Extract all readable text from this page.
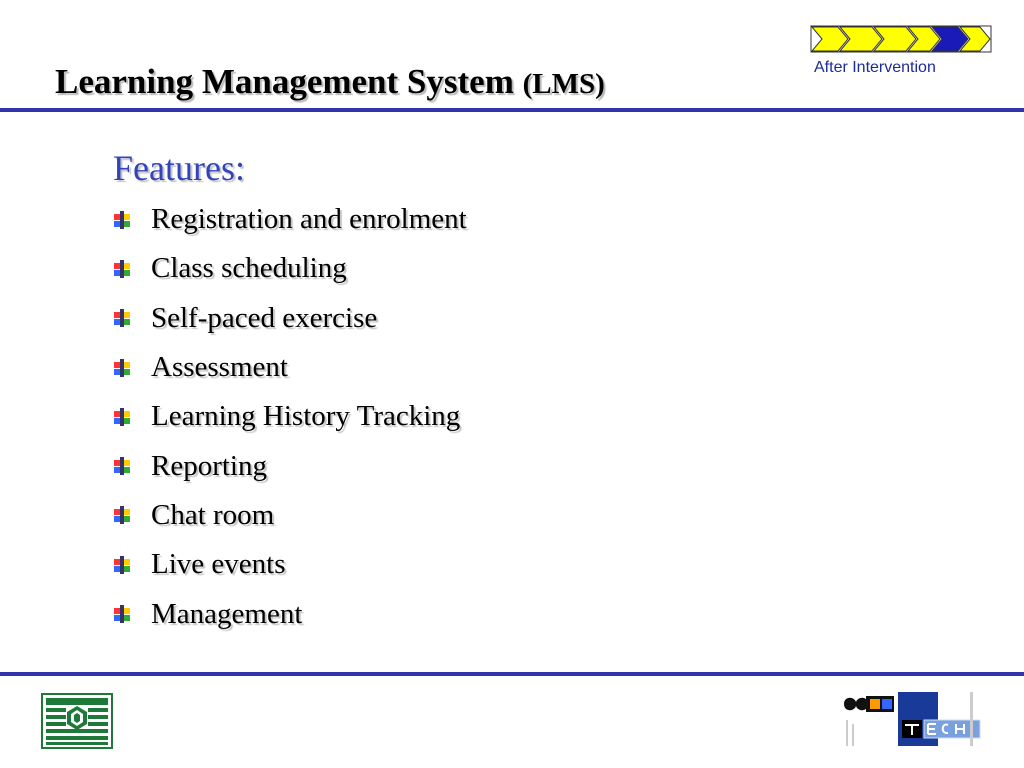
Learning Management System (LMS)
After Intervention
Features:
Registration and enrolment
Class scheduling
Self-paced exercise
Assessment
Learning History Tracking
Reporting
Chat room
Live events
Management
